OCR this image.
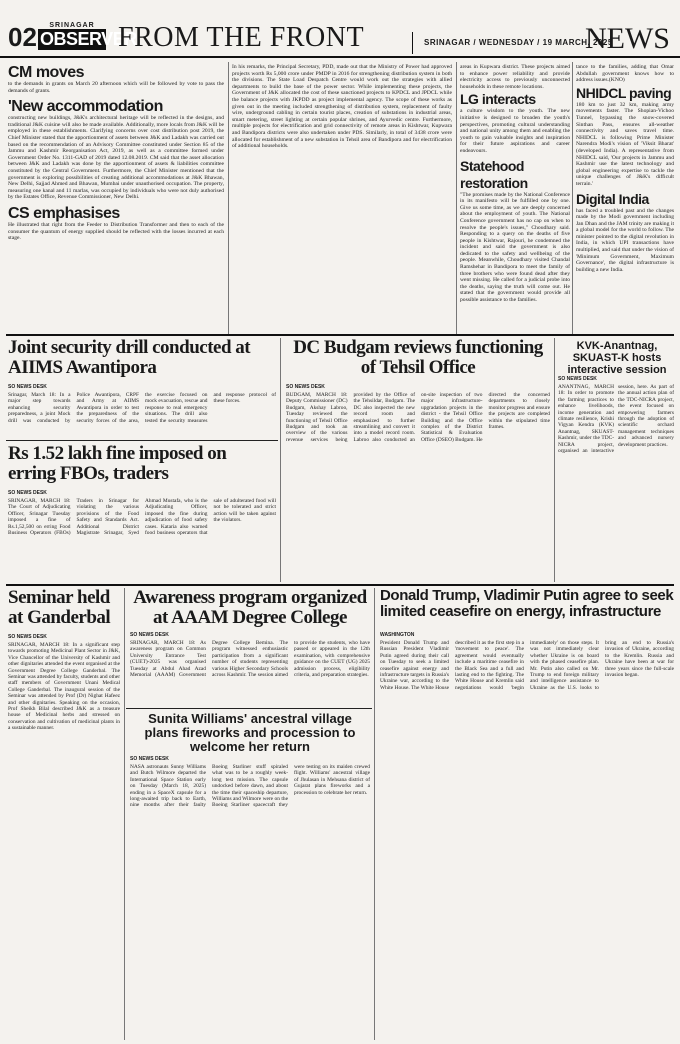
02	SRINAGAR
OBSERVER
FROM THE FRONT	SRINAGAR / WEDNESDAY / 19 MARCH, 2025
NEWS
CM moves

to the demands in grants on March 20 afternoon which will be followed by vote to pass the demands of grants.

'New accommodation

constructing new buildings, J&K's architectural heritage will be reflected in the designs, and traditional J&K cuisine will also be made available. Additionally, more locals from J&K will be employed in these establishments. Clarifying concerns over cost distribution post 2019, the Chief Minister stated that the apportionment of assets between J&K and Ladakh was carried out based on the recommendation of an Advisory Committee constituted under Section 85 of the Jammu and Kashmir Reorganisation Act, 2019, as well as a committee formed under Government Order No. 1311-GAD of 2019 dated 12.08.2019. CM said that the asset allocation between J&K and Ladakh was done by the apportionment of assets & liabilities committee constituted by the Central Government. Furthermore, the Chief Minister mentioned that the government is exploring possibilities of creating additional accommodations at J&K Bhawan, New Delhi, Sajjad Ahmed and Bhawan, Mumbai under unauthorised occupation. The property, measuring one kanal and 11 marlas, was occupied by individuals who were not duly authorised by the Estates Office, Revenue Commissioner, New Delhi.

CS emphasises

He illustrated that right from the Feeder to Distribution Transformer and then to each of the consumer the quantum of energy supplied should be reflected with the losses incurred at each stage.

In his remarks, the Principal Secretary, PDD, made out that the Ministry of Power had approved projects worth Rs 5,000 crore under PMDP in 2016 for strengthening distribution system in both the divisions. The State Load Despatch Centre would work out the strategies with allied departments to build the base of the power sector. While implementing these projects, the Government of J&K allocated the cost of these sanctioned projects to KPDCL and JPDCL while the balance projects with JKPDD as project implemental agency. The scope of these works as given out in the meeting included strengthening of distribution system, replacement of faulty wire, underground cabling in certain tourist places, creation of substations in industrial areas, smart metering, street lighting at certain popular shrines, and Ayurvedic centre. Furthermore, multiple projects for electrification and grid connectivity of remote areas in Kishtwar, Kupwara and Bandipora districts were also undertaken under PDS. Similarly, in total of 3438 crore were allocated for establishment of a new substation in Tehsil area of Bandipora and for electrification of additional households.

areas in Kupwara district. These projects aimed to enhance power reliability and provide electricity access to previously unconnected households in these remote locations.

LG interacts

a culture wisdom to the youth. The new initiative is designed to broaden the youth's perspectives, promoting cultural understanding and national unity among them and enabling the youth to gain valuable insights and inspiration for their future aspirations and career endeavours.

Statehood restoration

"The promises made by the National Conference in its manifesto will be fulfilled one by one. Give us some time, as we are deeply concerned about the employment of youth. The National Conference government has no cap on when to resolve the people's issues," Choudhary said. Responding to a query on the deaths of five people in Kishtwar, Rajouri, he condemned the incident and said the government is also dedicated to the safety and wellbeing of the people. Meanwhile, Choudhary visited Chandal Ramshehar in Bandipora to meet the family of three brothers who were found dead after they went missing. He called for a judicial probe into the deaths, saying the truth will come out. He stated that the government would provide all possible assistance to the families.

tance to the families, adding that Omar Abdullah government knows how to address issues.(KNO)

NHIDCL paving

180 km to just 32 km, making army movements faster. The Shopian-Vichoo Tunnel, bypassing the snow-covered Sinthan Pass, ensures all-weather connectivity and saves travel time. NHIDCL is following Prime Minister Narendra Modi's vision of 'Viksit Bharat' (developed India). A representative from NHIDCL said, 'Our projects in Jammu and Kashmir use the latest technology and global engineering expertise to tackle the unique challenges of J&K's difficult terrain.'

Digital India

has faced a troubled past and the changes made by the Modi government including Jan Dhan and the JAM trinity are making it a global model for the world to follow. The minister pointed to the digital revolution in India, in which UPI transactions have multiplied, and said that under the vision of 'Minimum Government, Maximum Governance', the digital infrastructure is building a new India.

Joint security drill conducted at AIIMS Awantipora
SO NEWS DESK
Srinagar, March 18: In a major step towards enhancing security preparedness, a joint Mock drill was conducted by Police Awantipora, CRPF and Army at AIIMS Awantipora in order to test the preparedness of the security forces of the area, the exercise focused on mock evacuation, rescue and response to real emergency situations. The drill also tested the security measures and response protocol of these forces.
DC Budgam reviews functioning of Tehsil Office
SO NEWS DESK
BUDGAM, MARCH 18: Deputy Commissioner (DC) Budgam, Akshay Labroo, Tuesday reviewed the functioning of Tehsil Office Budgam and took an overview of the various revenue services being provided by the Office of the Tehsildar, Budgam. The DC also inspected the new record room and emphasized to further streamlining and convert it into a model record room. Labroo also conducted an on-site inspection of two major infrastructure-upgradation projects in the district - the Tehsil Office Building and the Office complex of the District Statistical & Evaluation Office (DSEO) Budgam. He directed the concerned departments to closely monitor progress and ensure the projects are completed within the stipulated time frames.
KVK-Anantnag, SKUAST-K hosts interactive session
SO NEWS DESK
ANANTNAG, MARCH 18: In order to promote the farming practices to enhance livelihoods, income generation and climate resilience, Krishi Vigyan Kendra (KVK) Anantnag, SKUAST-Kashmir, under the TDC-NICRA project, organised an interactive session, here. As part of the annual action plan of the TDC-NICRA project, the event focused on empowering farmers through the adoption of scientific orchard management techniques and advanced nursery development practices.
Rs 1.52 lakh fine imposed on erring FBOs, traders
SO NEWS DESK
SRINAGAR, MARCH 18: The Court of Adjudicating Officer, Srinagar Tuesday imposed a fine of Rs.1,52,500 on erring Food Business Operators (FBOs) Traders in Srinagar for violating the various provisions of the Food Safety and Standards Act. Additional District Magistrate Srinagar, Syed Ahmad Mustafa, who is the Adjudicating Officer, imposed the fine during adjudication of food safety cases. Kataria also warned food business operators that sale of adulterated food will not be tolerated and strict action will be taken against the violators.
Seminar held at Ganderbal
SO NEWS DESK
SRINAGAR, MARCH 18: In a significant step towards promoting Medicinal Plant Sector in J&K, Vice Chancellor of the University of Kashmir and other dignitaries attended the event organised at the Government Degree College Ganderbal. The Seminar was attended by faculty, students and other staff members of Government Unani Medical College Ganderbal. The inaugural session of the Seminar was attended by Prof (Dr) Nighat Hafeez and other dignitaries. Speaking on the occasion, Prof Sheikh Bilal described J&K as a treasure house of Medicinal herbs and stressed on conservation and cultivation of medicinal plants in a sustainable manner.
Awareness program organized at AAAM Degree College
SO NEWS DESK
SRINAGAR, MARCH 18: As awareness program on Common University Entrance Test (CUET)-2025 was organised Tuesday at Abdul Ahad Azad Memorial (AAAM) Government Degree College Bemina. The program witnessed enthusiastic participation from a significant number of students representing various Higher Secondary Schools across Kashmir. The session aimed to provide the students, who have passed or appeared in the 12th examination, with comprehensive guidance on the CUET (UG) 2025 admission process, eligibility criteria, and preparation strategies.
Donald Trump, Vladimir Putin agree to seek limited ceasefire on energy, infrastructure
WASHINGTON
President Donald Trump and Russian President Vladimir Putin agreed during their call on Tuesday to seek a limited ceasefire against energy and infrastructure targets in Russia's Ukraine war, according to the White House. The White House described it as the first step in a 'movement to peace'. The agreement would eventually include a maritime ceasefire in the Black Sea and a full and lasting end to the fighting. The White House and Kremlin said negotiations would 'begin immediately' on those steps. It was not immediately clear whether Ukraine is on board with the phased ceasefire plan. Mr. Putin also called on Mr. Trump to end foreign military and intelligence assistance to Ukraine as the U.S. looks to bring an end to Russia's invasion of Ukraine, according to the Kremlin. Russia and Ukraine have been at war for three years since the full-scale invasion began.
Sunita Williams' ancestral village plans fireworks and procession to welcome her return
SO NEWS DESK
NASA astronauts Sunny Williams and Butch Wilmore departed the International Space Station early on Tuesday (March 18, 2025) ending in a SpaceX capsule for a long-awaited trip back to Earth, nine months after their faulty Boeing Starliner stuff spiraled what was to be a roughly week-long test mission. The capsule undocked before dawn, and about the time their spaceship departure, Williams and Wilmore were on the Boeing Starliner spacecraft they were testing on its maiden crewed flight. Williams' ancestral village of Jhulasan in Mehsana district of Gujarat plans fireworks and a procession to celebrate her return.
